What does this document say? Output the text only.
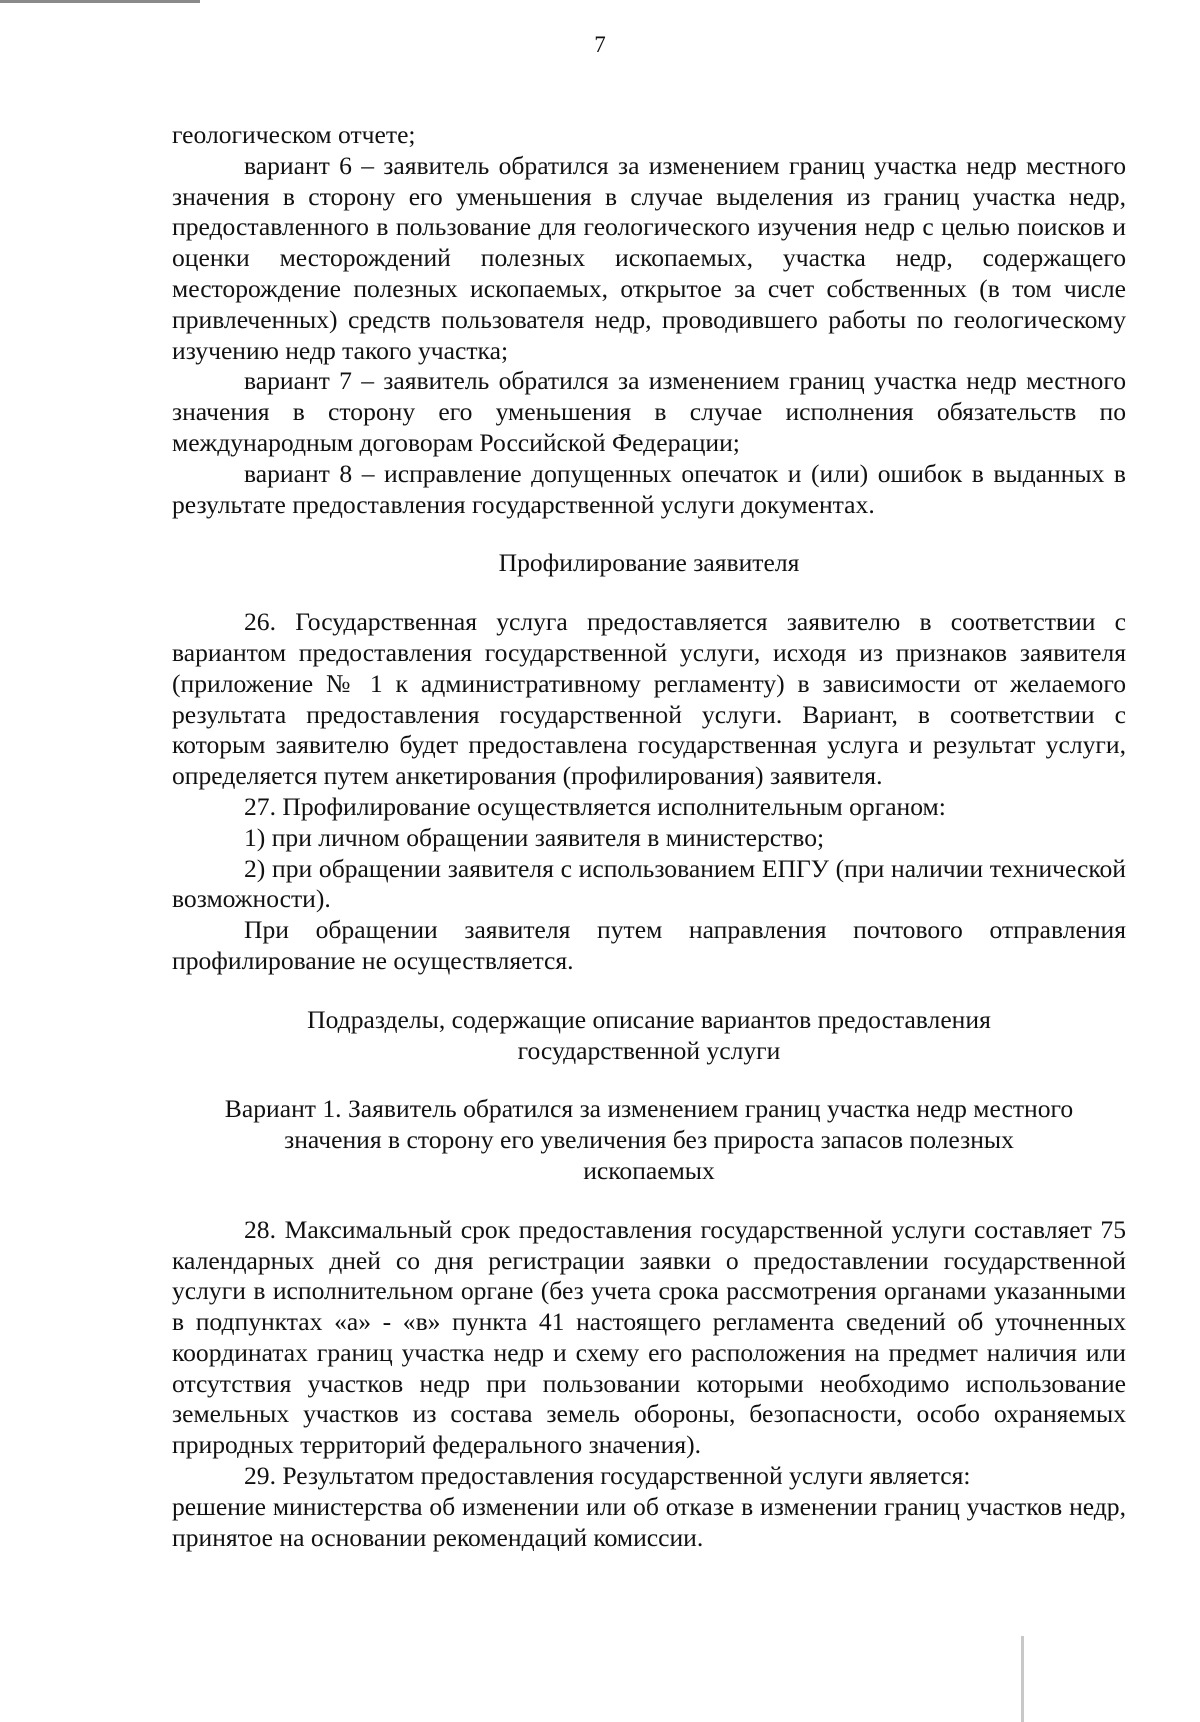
7

геологическом отчете;

вариант 6 – заявитель обратился за изменением границ участка недр местного значения в сторону его уменьшения в случае выделения из границ участка недр, предоставленного в пользование для геологического изучения недр с целью поисков и оценки месторождений полезных ископаемых, участка недр, содержащего месторождение полезных ископаемых, открытое за счет собственных (в том числе привлеченных) средств пользователя недр, проводившего работы по геологическому изучению недр такого участка;

вариант 7 – заявитель обратился за изменением границ участка недр местного значения в сторону его уменьшения в случае исполнения обязательств по международным договорам Российской Федерации;

вариант 8 – исправление допущенных опечаток и (или) ошибок в выданных в результате предоставления государственной услуги документах.

Профилирование заявителя

26. Государственная услуга предоставляется заявителю в соответствии с вариантом предоставления государственной услуги, исходя из признаков заявителя (приложение № 1 к административному регламенту) в зависимости от желаемого результата предоставления государственной услуги. Вариант, в соответствии с которым заявителю будет предоставлена государственная услуга и результат услуги, определяется путем анкетирования (профилирования) заявителя.

27. Профилирование осуществляется исполнительным органом:

1) при личном обращении заявителя в министерство;

2) при обращении заявителя с использованием ЕПГУ (при наличии технической возможности).

При обращении заявителя путем направления почтового отправления профилирование не осуществляется.

Подразделы, содержащие описание вариантов предоставления

государственной услуги

Вариант 1. Заявитель обратился за изменением границ участка недр местного

значения в сторону его увеличения без прироста запасов полезных

ископаемых

28. Максимальный срок предоставления государственной услуги составляет 75 календарных дней со дня регистрации заявки о предоставлении государственной услуги в исполнительном органе (без учета срока рассмотрения органами указанными в подпунктах «а» - «в» пункта 41 настоящего регламента сведений об уточненных координатах границ участка недр и схему его расположения на предмет наличия или отсутствия участков недр при пользовании которыми необходимо использование земельных участков из состава земель обороны, безопасности, особо охраняемых природных территорий федерального значения).

29. Результатом предоставления государственной услуги является:

решение министерства об изменении или об отказе в изменении границ участков недр, принятое на основании рекомендаций комиссии.
